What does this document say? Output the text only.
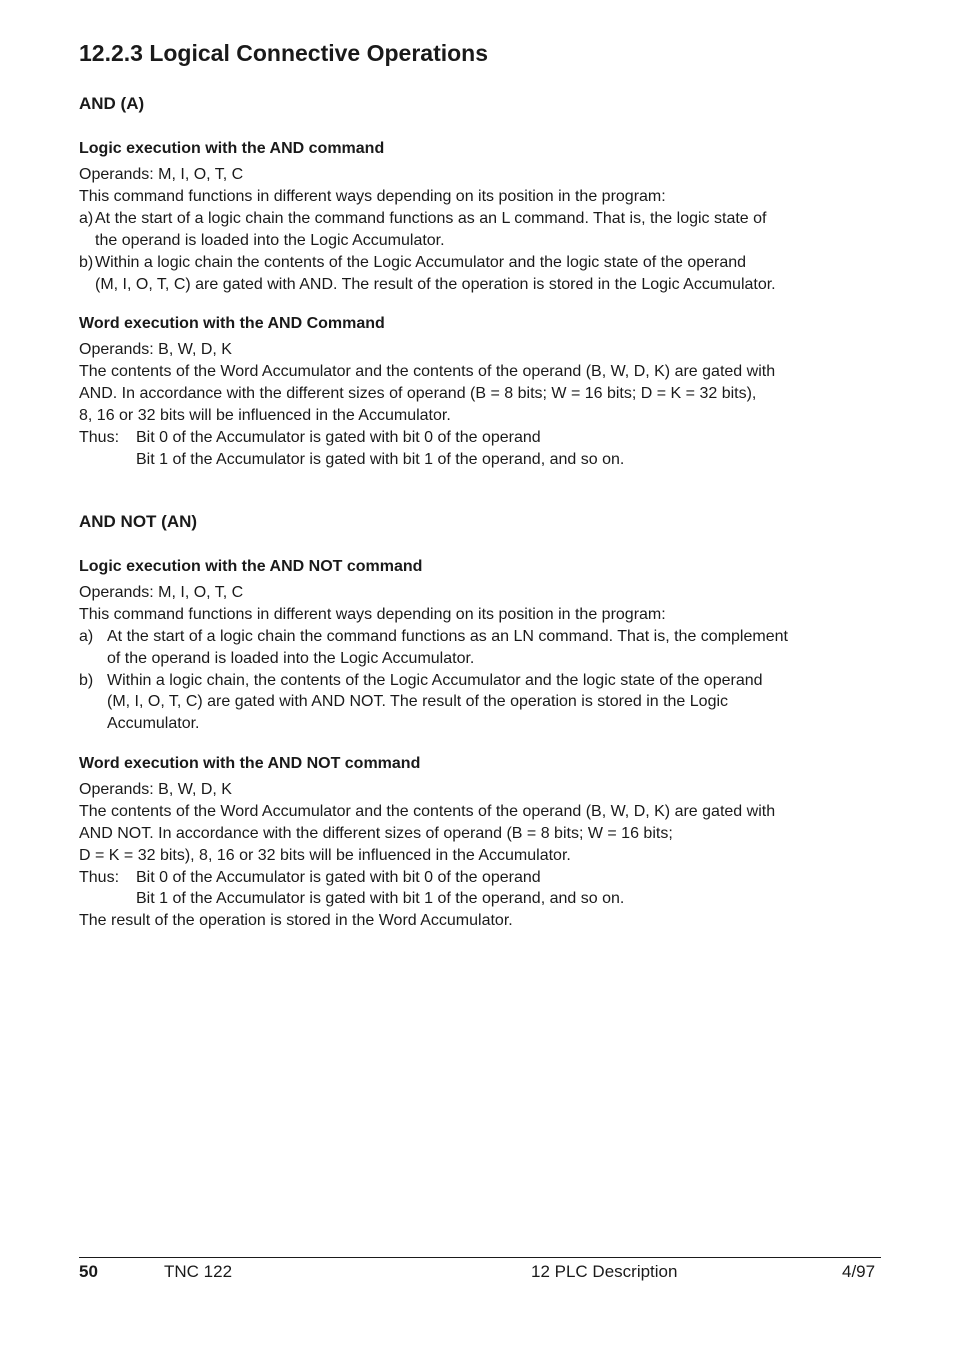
12.2.3 Logical Connective Operations
AND (A)
Logic execution with the AND command
Operands: M, I, O, T, C
This command functions in different ways depending on its position in the program:
a) At the start of a logic chain the command functions as an L command. That is, the logic state of
the operand is loaded into the Logic Accumulator.
b) Within a logic chain the contents of the Logic Accumulator and the logic state of the operand
(M, I, O, T, C) are gated with AND. The result of the operation is stored in the Logic Accumulator.
Word execution with the AND Command
Operands: B, W, D, K
The contents of the Word Accumulator and the contents of the operand (B, W, D, K) are gated with
AND. In accordance with the different sizes of operand (B = 8 bits; W = 16 bits; D = K = 32 bits),
8, 16 or 32 bits will be influenced in the Accumulator.
Thus: Bit 0 of the Accumulator is gated with bit 0 of the operand
Bit 1 of the Accumulator is gated with bit 1 of the operand, and so on.
AND NOT (AN)
Logic execution with the AND NOT command
Operands: M, I, O, T, C
This command functions in different ways depending on its position in the program:
a) At the start of a logic chain the command functions as an LN command. That is, the complement
of the operand is loaded into the Logic Accumulator.
b) Within a logic chain, the contents of the Logic Accumulator and the logic state of the operand
(M, I, O, T, C) are gated with AND NOT. The result of the operation is stored in the Logic
Accumulator.
Word execution with the AND NOT command
Operands: B, W, D, K
The contents of the Word Accumulator and the contents of the operand (B, W, D, K) are gated with
AND NOT. In accordance with the different sizes of operand (B = 8 bits; W = 16 bits;
D = K = 32 bits), 8, 16 or 32 bits will be influenced in the Accumulator.
Thus: Bit 0 of the Accumulator is gated with bit 0 of the operand
Bit 1 of the Accumulator is gated with bit 1 of the operand, and so on.
The result of the operation is stored in the Word Accumulator.
50	TNC 122	12 PLC Description	4/97
